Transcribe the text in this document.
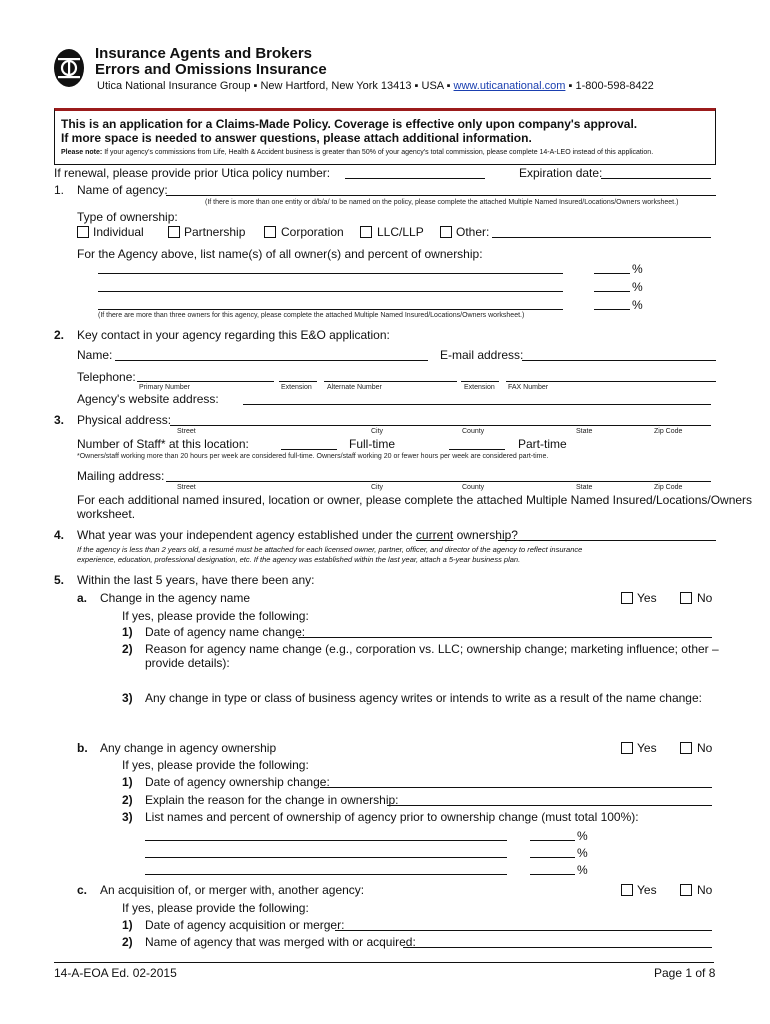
Insurance Agents and Brokers
Errors and Omissions Insurance
Utica National Insurance Group ▪ New Hartford, New York 13413 ▪ USA ▪ www.uticanational.com ▪ 1-800-598-8422
This is an application for a Claims-Made Policy. Coverage is effective only upon company's approval.
If more space is needed to answer questions, please attach additional information.
Please note: If your agency's commissions from Life, Health & Accident business is greater than 50% of your agency's total commission, please complete 14-A-LEO instead of this application.
If renewal, please provide prior Utica policy number:	Expiration date:
1. Name of agency:
(If there is more than one entity or d/b/a/ to be named on the policy, please complete the attached Multiple Named Insured/Locations/Owners worksheet.)
Type of ownership:
Individual	Partnership	Corporation	LLC/LLP	Other:
For the Agency above, list name(s) of all owner(s) and percent of ownership:
%
%
%
(If there are more than three owners for this agency, please complete the attached Multiple Named Insured/Locations/Owners worksheet.)
2. Key contact in your agency regarding this E&O application:
Name:	E-mail address:
Telephone:
Primary Number	Extension Alternate Number	Extension FAX Number
Agency's website address:
3. Physical address:
Street	City	County	State	Zip Code
Number of Staff* at this location:	Full-time	Part-time
*Owners/staff working more than 20 hours per week are considered full-time. Owners/staff working 20 or fewer hours per week are considered part-time.
Mailing address:
Street	City	County	State	Zip Code
For each additional named insured, location or owner, please complete the attached Multiple Named Insured/Locations/Owners
worksheet.
4. What year was your independent agency established under the current ownership?
If the agency is less than 2 years old, a resumé must be attached for each licensed owner, partner, officer, and director of the agency to reflect insurance
experience, education, professional designation, etc. If the agency was established within the last year, attach a 5-year business plan.
5. Within the last 5 years, have there been any:
a. Change in the agency name	Yes	No
If yes, please provide the following:
1) Date of agency name change:
2) Reason for agency name change (e.g., corporation vs. LLC; ownership change; marketing influence; other –
provide details):
3) Any change in type or class of business agency writes or intends to write as a result of the name change:
b. Any change in agency ownership	Yes	No
If yes, please provide the following:
1) Date of agency ownership change:
2) Explain the reason for the change in ownership:
3) List names and percent of ownership of agency prior to ownership change (must total 100%):
%
%
%
c. An acquisition of, or merger with, another agency:	Yes	No
If yes, please provide the following:
1) Date of agency acquisition or merger:
2) Name of agency that was merged with or acquired:
14-A-EOA Ed. 02-2015	Page 1 of 8
